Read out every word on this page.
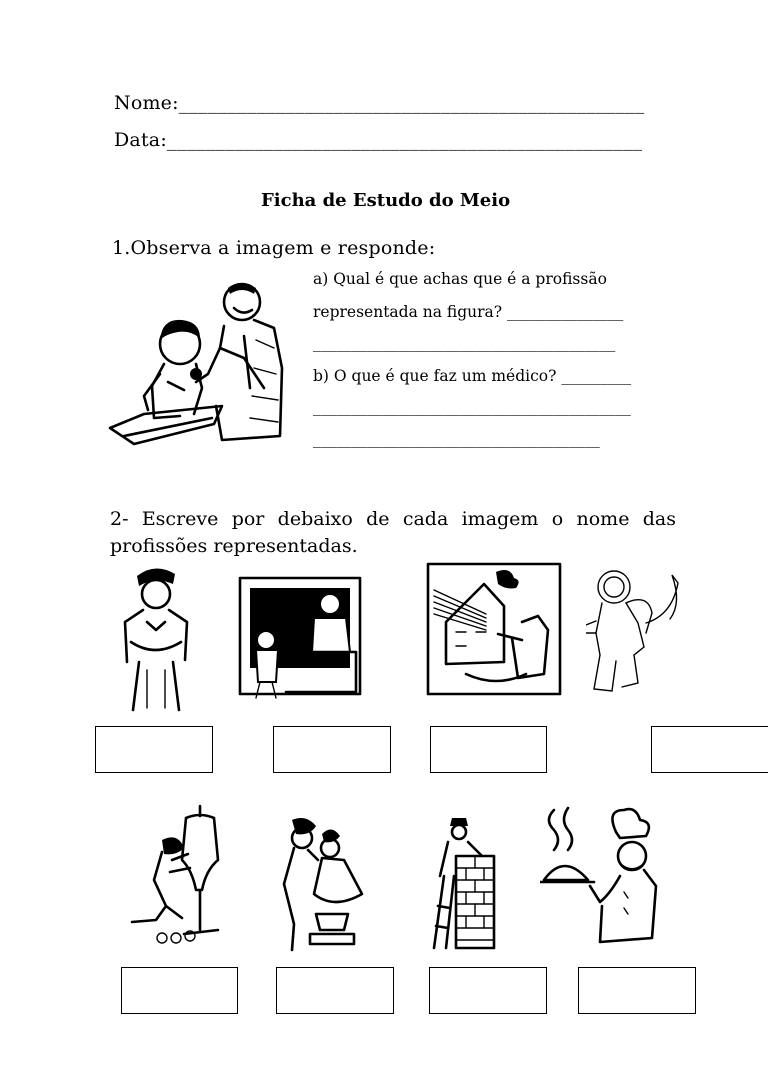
Nome:________________________________________________
Data:_________________________________________________
Ficha de Estudo do Meio
1.Observa a imagem e responde:
a) Qual é que achas que é a profissão
representada na figura? _______________
_______________________________________
b) O que é que faz um médico? _________
_________________________________________
_____________________________________
2- Escreve por debaixo de cada imagem o nome das profissões representadas.
